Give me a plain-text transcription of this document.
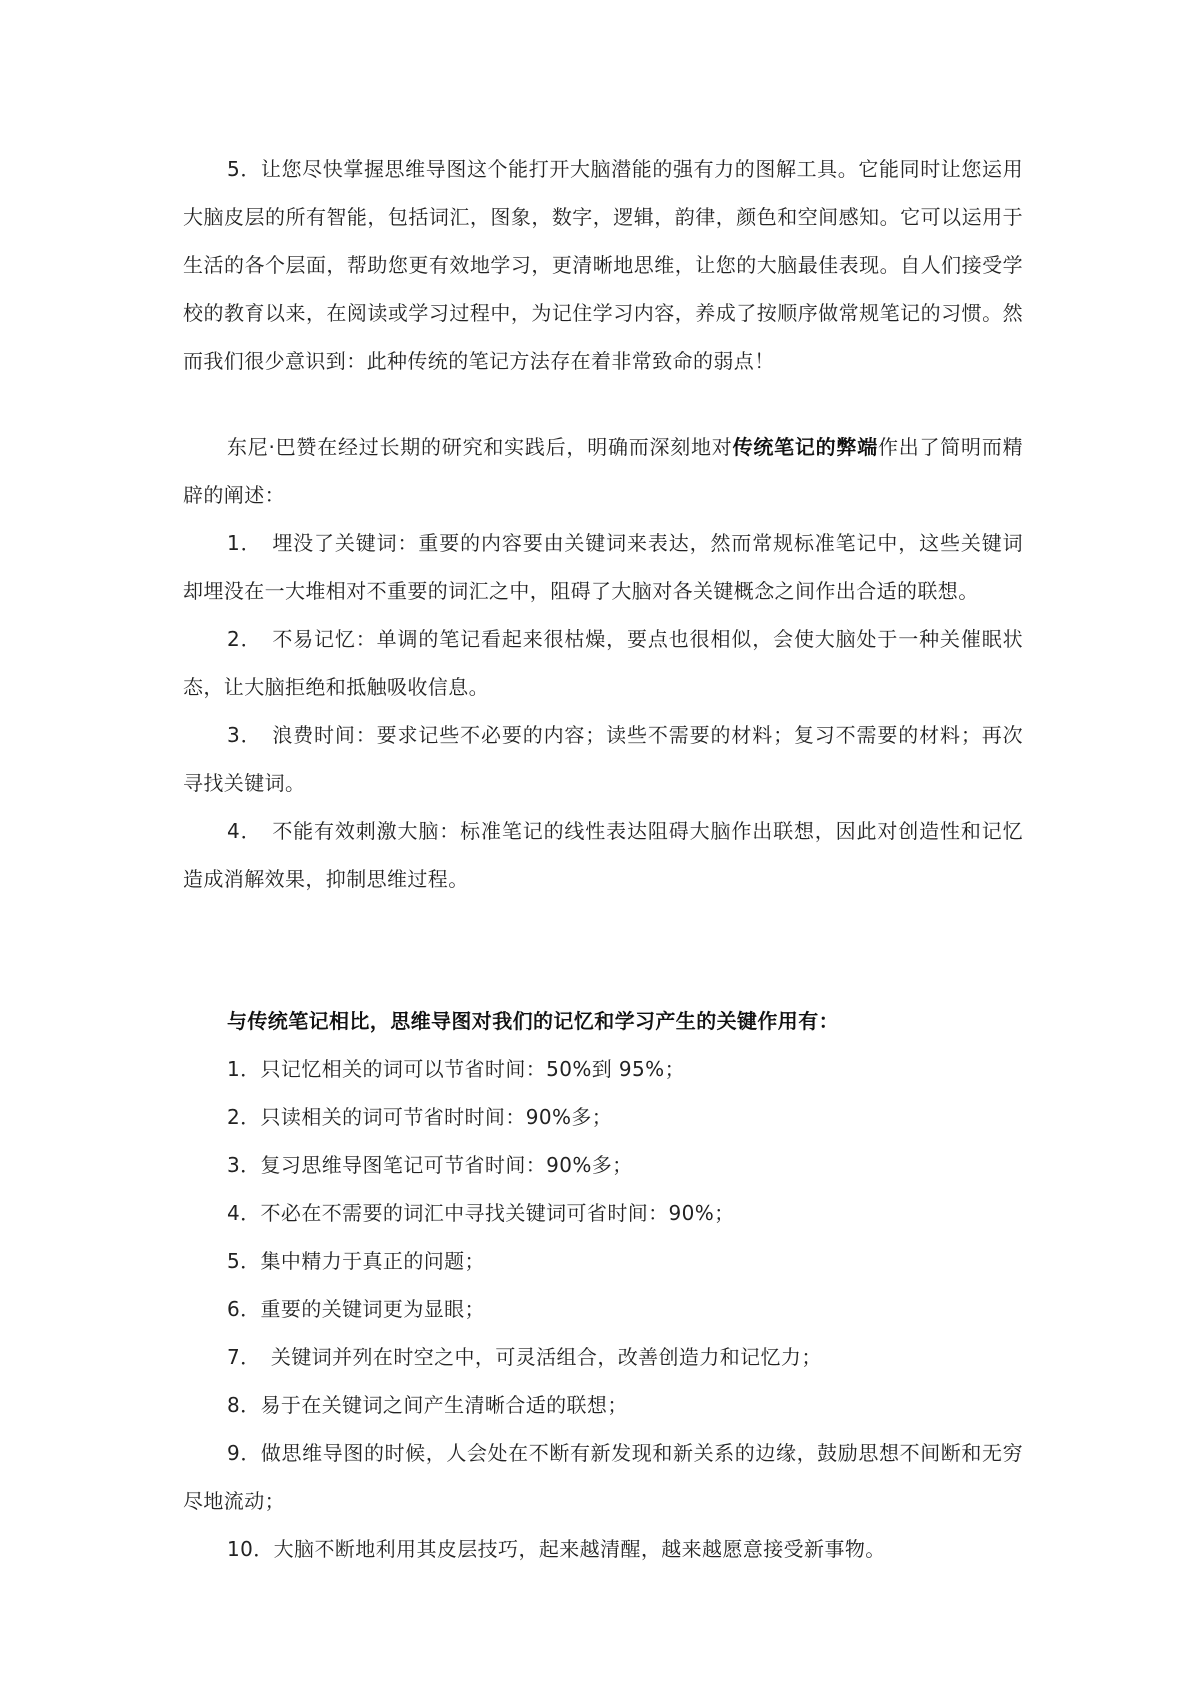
5．让您尽快掌握思维导图这个能打开大脑潜能的强有力的图解工具。它能同时让您运用大脑皮层的所有智能，包括词汇，图象，数字，逻辑，韵律，颜色和空间感知。它可以运用于生活的各个层面，帮助您更有效地学习，更清晰地思维，让您的大脑最佳表现。自人们接受学校的教育以来，在阅读或学习过程中，为记住学习内容，养成了按顺序做常规笔记的习惯。然而我们很少意识到：此种传统的笔记方法存在着非常致命的弱点！

东尼·巴赞在经过长期的研究和实践后，明确而深刻地对传统笔记的弊端作出了简明而精辟的阐述：

1．　埋没了关键词：重要的内容要由关键词来表达，然而常规标准笔记中，这些关键词却埋没在一大堆相对不重要的词汇之中，阻碍了大脑对各关键概念之间作出合适的联想。

2．　不易记忆：单调的笔记看起来很枯燥，要点也很相似，会使大脑处于一种关催眠状态，让大脑拒绝和抵触吸收信息。

3．　浪费时间：要求记些不必要的内容；读些不需要的材料；复习不需要的材料；再次寻找关键词。

4．　不能有效刺激大脑：标准笔记的线性表达阻碍大脑作出联想，因此对创造性和记忆造成消解效果，抑制思维过程。

与传统笔记相比，思维导图对我们的记忆和学习产生的关键作用有：

1．只记忆相关的词可以节省时间：50%到 95%；

2．只读相关的词可节省时时间：90%多；

3．复习思维导图笔记可节省时间：90%多；

4．不必在不需要的词汇中寻找关键词可省时间：90%；

5．集中精力于真正的问题；

6．重要的关键词更为显眼；

7．　关键词并列在时空之中，可灵活组合，改善创造力和记忆力；

8．易于在关键词之间产生清晰合适的联想；

9．做思维导图的时候，人会处在不断有新发现和新关系的边缘，鼓励思想不间断和无穷尽地流动；

10．大脑不断地利用其皮层技巧，起来越清醒，越来越愿意接受新事物。
